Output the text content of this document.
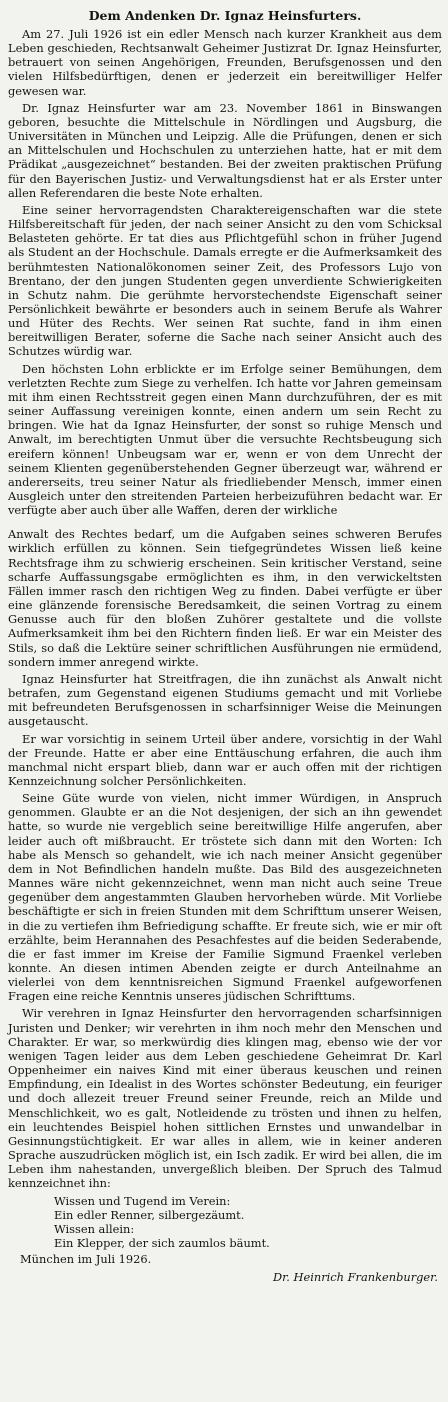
Dem Andenken Dr. Ignaz Heinsfurters.

Am 27. Juli 1926 ist ein edler Mensch nach kurzer Krankheit aus dem Leben geschieden, Rechtsanwalt Geheimer Justizrat Dr. Ignaz Heinsfurter, betrauert von seinen Angehörigen, Freunden, Berufsgenossen und den vielen Hilfsbedürftigen, denen er jederzeit ein bereitwilliger Helfer gewesen war.

Dr. Ignaz Heinsfurter war am 23. November 1861 in Binswangen geboren, besuchte die Mittelschule in Nördlingen und Augsburg, die Universitäten in München und Leipzig. Alle die Prüfungen, denen er sich an Mittelschulen und Hochschulen zu unterziehen hatte, hat er mit dem Prädikat „ausgezeichnet“ bestanden. Bei der zweiten praktischen Prüfung für den Bayerischen Justiz- und Verwaltungsdienst hat er als Erster unter allen Referendaren die beste Note erhalten.

Eine seiner hervorragendsten Charaktereigenschaften war die stete Hilfsbereitschaft für jeden, der nach seiner Ansicht zu den vom Schicksal Belasteten gehörte. Er tat dies aus Pflichtgefühl schon in früher Jugend als Student an der Hochschule. Damals erregte er die Aufmerksamkeit des berühmtesten Nationalökonomen seiner Zeit, des Professors Lujo von Brentano, der den jungen Studenten gegen unverdiente Schwierigkeiten in Schutz nahm. Die gerühmte hervorstechendste Eigenschaft seiner Persönlichkeit bewährte er besonders auch in seinem Berufe als Wahrer und Hüter des Rechts. Wer seinen Rat suchte, fand in ihm einen bereitwilligen Berater, soferne die Sache nach seiner Ansicht auch des Schutzes würdig war.

Den höchsten Lohn erblickte er im Erfolge seiner Bemühungen, dem verletzten Rechte zum Siege zu verhelfen. Ich hatte vor Jahren gemeinsam mit ihm einen Rechtsstreit gegen einen Mann durchzuführen, der es mit seiner Auffassung vereinigen konnte, einen andern um sein Recht zu bringen. Wie hat da Ignaz Heinsfurter, der sonst so ruhige Mensch und Anwalt, im berechtigten Unmut über die versuchte Rechtsbeugung sich ereifern können! Unbeugsam war er, wenn er von dem Unrecht der seinem Klienten gegenüberstehenden Gegner überzeugt war, während er andererseits, treu seiner Natur als friedliebender Mensch, immer einen Ausgleich unter den streitenden Parteien herbeizuführen bedacht war. Er verfügte aber auch über alle Waffen, deren der wirkliche

Anwalt des Rechtes bedarf, um die Aufgaben seines schweren Berufes wirklich erfüllen zu können. Sein tiefgegründetes Wissen ließ keine Rechtsfrage ihm zu schwierig erscheinen. Sein kritischer Verstand, seine scharfe Auffassungsgabe ermöglichten es ihm, in den verwickeltsten Fällen immer rasch den richtigen Weg zu finden. Dabei verfügte er über eine glänzende forensische Beredsamkeit, die seinen Vortrag zu einem Genusse auch für den bloßen Zuhörer gestaltete und die vollste Aufmerksamkeit ihm bei den Richtern finden ließ. Er war ein Meister des Stils, so daß die Lektüre seiner schriftlichen Ausführungen nie ermüdend, sondern immer anregend wirkte.

Ignaz Heinsfurter hat Streitfragen, die ihn zunächst als Anwalt nicht betrafen, zum Gegenstand eigenen Studiums gemacht und mit Vorliebe mit befreundeten Berufsgenossen in scharfsinniger Weise die Meinungen ausgetauscht.

Er war vorsichtig in seinem Urteil über andere, vorsichtig in der Wahl der Freunde. Hatte er aber eine Enttäuschung erfahren, die auch ihm manchmal nicht erspart blieb, dann war er auch offen mit der richtigen Kennzeichnung solcher Persönlichkeiten.

Seine Güte wurde von vielen, nicht immer Würdigen, in Anspruch genommen. Glaubte er an die Not desjenigen, der sich an ihn gewendet hatte, so wurde nie vergeblich seine bereitwillige Hilfe angerufen, aber leider auch oft mißbraucht. Er tröstete sich dann mit den Worten: Ich habe als Mensch so gehandelt, wie ich nach meiner Ansicht gegenüber dem in Not Befindlichen handeln mußte. Das Bild des ausgezeichneten Mannes wäre nicht gekennzeichnet, wenn man nicht auch seine Treue gegenüber dem angestammten Glauben hervorheben würde. Mit Vorliebe beschäftigte er sich in freien Stunden mit dem Schrifttum unserer Weisen, in die zu vertiefen ihm Befriedigung schaffte. Er freute sich, wie er mir oft erzählte, beim Herannahen des Pesachfestes auf die beiden Sederabende, die er fast immer im Kreise der Familie Sigmund Fraenkel verleben konnte. An diesen intimen Abenden zeigte er durch Anteilnahme an vielerlei von dem kenntnisreichen Sigmund Fraenkel aufgeworfenen Fragen eine reiche Kenntnis unseres jüdischen Schrifttums.

Wir verehren in Ignaz Heinsfurter den hervorragenden scharfsinnigen Juristen und Denker; wir verehrten in ihm noch mehr den Menschen und Charakter. Er war, so merkwürdig dies klingen mag, ebenso wie der vor wenigen Tagen leider aus dem Leben geschiedene Geheimrat Dr. Karl Oppenheimer ein naives Kind mit einer überaus keuschen und reinen Empfindung, ein Idealist in des Wortes schönster Bedeutung, ein feuriger und doch allezeit treuer Freund seiner Freunde, reich an Milde und Menschlichkeit, wo es galt, Notleidende zu trösten und ihnen zu helfen, ein leuchtendes Beispiel hohen sittlichen Ernstes und unwandelbar in Gesinnungstüchtigkeit. Er war alles in allem, wie in keiner anderen Sprache auszudrücken möglich ist, ein Isch zadik. Er wird bei allen, die im Leben ihm nahestanden, unvergeßlich bleiben. Der Spruch des Talmud kennzeichnet ihn:

Wissen und Tugend im Verein:
Ein edler Renner, silbergezäumt.
Wissen allein:
Ein Klepper, der sich zaumlos bäumt.
München im Juli 1926.
Dr. Heinrich Frankenburger.
